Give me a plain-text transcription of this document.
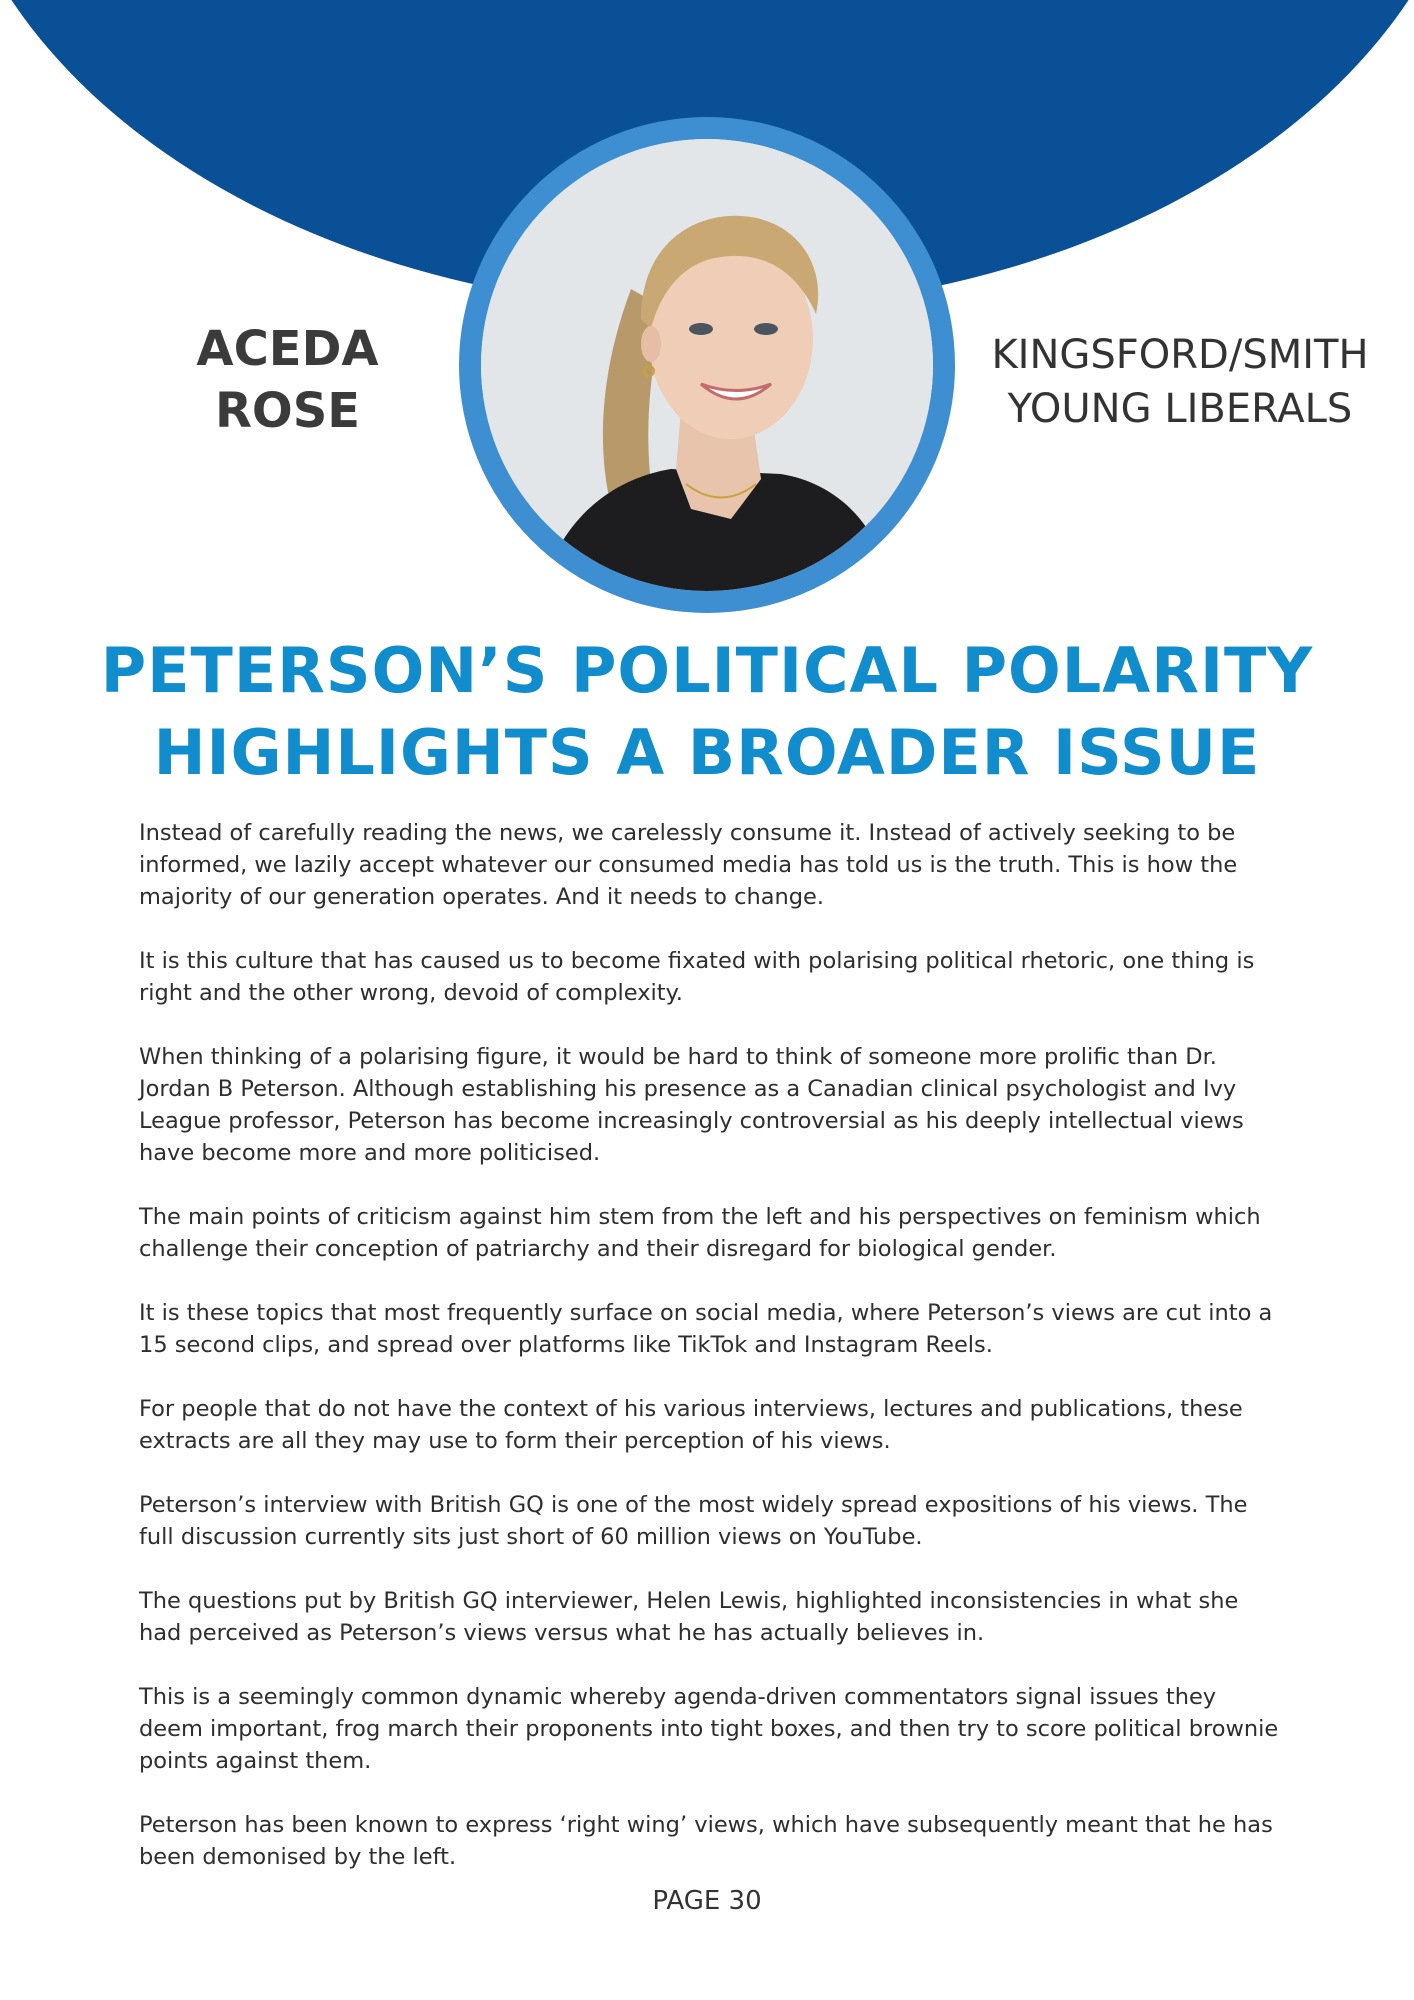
ACEDA
ROSE
KINGSFORD/SMITH
YOUNG LIBERALS
PETERSON’S POLITICAL POLARITY
HIGHLIGHTS A BROADER ISSUE

Instead of carefully reading the news, we carelessly consume it. Instead of actively seeking to be informed, we lazily accept whatever our consumed media has told us is the truth. This is how the majority of our generation operates. And it needs to change.

It is this culture that has caused us to become fixated with polarising political rhetoric, one thing is right and the other wrong, devoid of complexity.

When thinking of a polarising figure, it would be hard to think of someone more prolific than Dr. Jordan B Peterson. Although establishing his presence as a Canadian clinical psychologist and Ivy League professor, Peterson has become increasingly controversial as his deeply intellectual views have become more and more politicised.

The main points of criticism against him stem from the left and his perspectives on feminism which challenge their conception of patriarchy and their disregard for biological gender.

It is these topics that most frequently surface on social media, where Peterson’s views are cut into a 15 second clips, and spread over platforms like TikTok and Instagram Reels.

For people that do not have the context of his various interviews, lectures and publications, these extracts are all they may use to form their perception of his views.

Peterson’s interview with British GQ is one of the most widely spread expositions of his views. The full discussion currently sits just short of 60 million views on YouTube.

The questions put by British GQ interviewer, Helen Lewis, highlighted inconsistencies in what she had perceived as Peterson’s views versus what he has actually believes in.

This is a seemingly common dynamic whereby agenda-driven commentators signal issues they deem important, frog march their proponents into tight boxes, and then try to score political brownie points against them.

Peterson has been known to express ‘right wing’ views, which have subsequently meant that he has been demonised by the left.

PAGE 30
